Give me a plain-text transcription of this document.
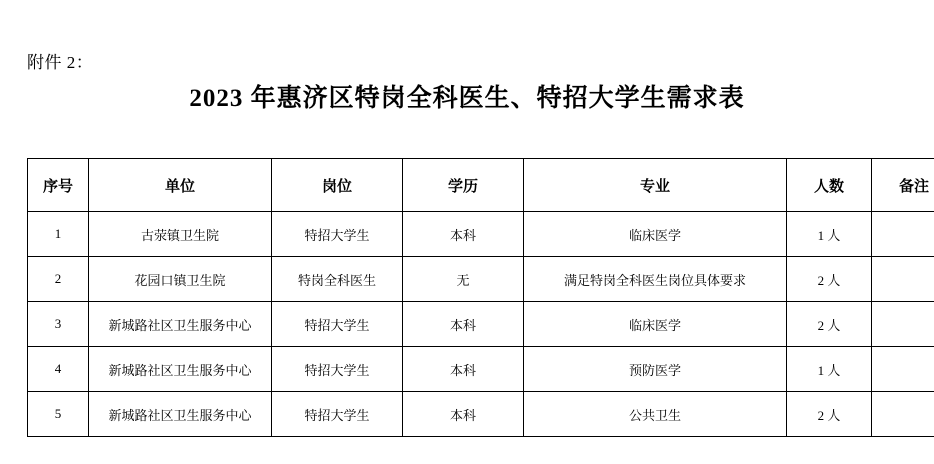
附件 2：
2023 年惠济区特岗全科医生、特招大学生需求表
序号	单位	岗位	学历	专业	人数	备注
1	古荥镇卫生院	特招大学生	本科	临床医学	1 人	
2	花园口镇卫生院	特岗全科医生	无	满足特岗全科医生岗位具体要求	2 人	
3	新城路社区卫生服务中心	特招大学生	本科	临床医学	2 人	
4	新城路社区卫生服务中心	特招大学生	本科	预防医学	1 人	
5	新城路社区卫生服务中心	特招大学生	本科	公共卫生	2 人	
